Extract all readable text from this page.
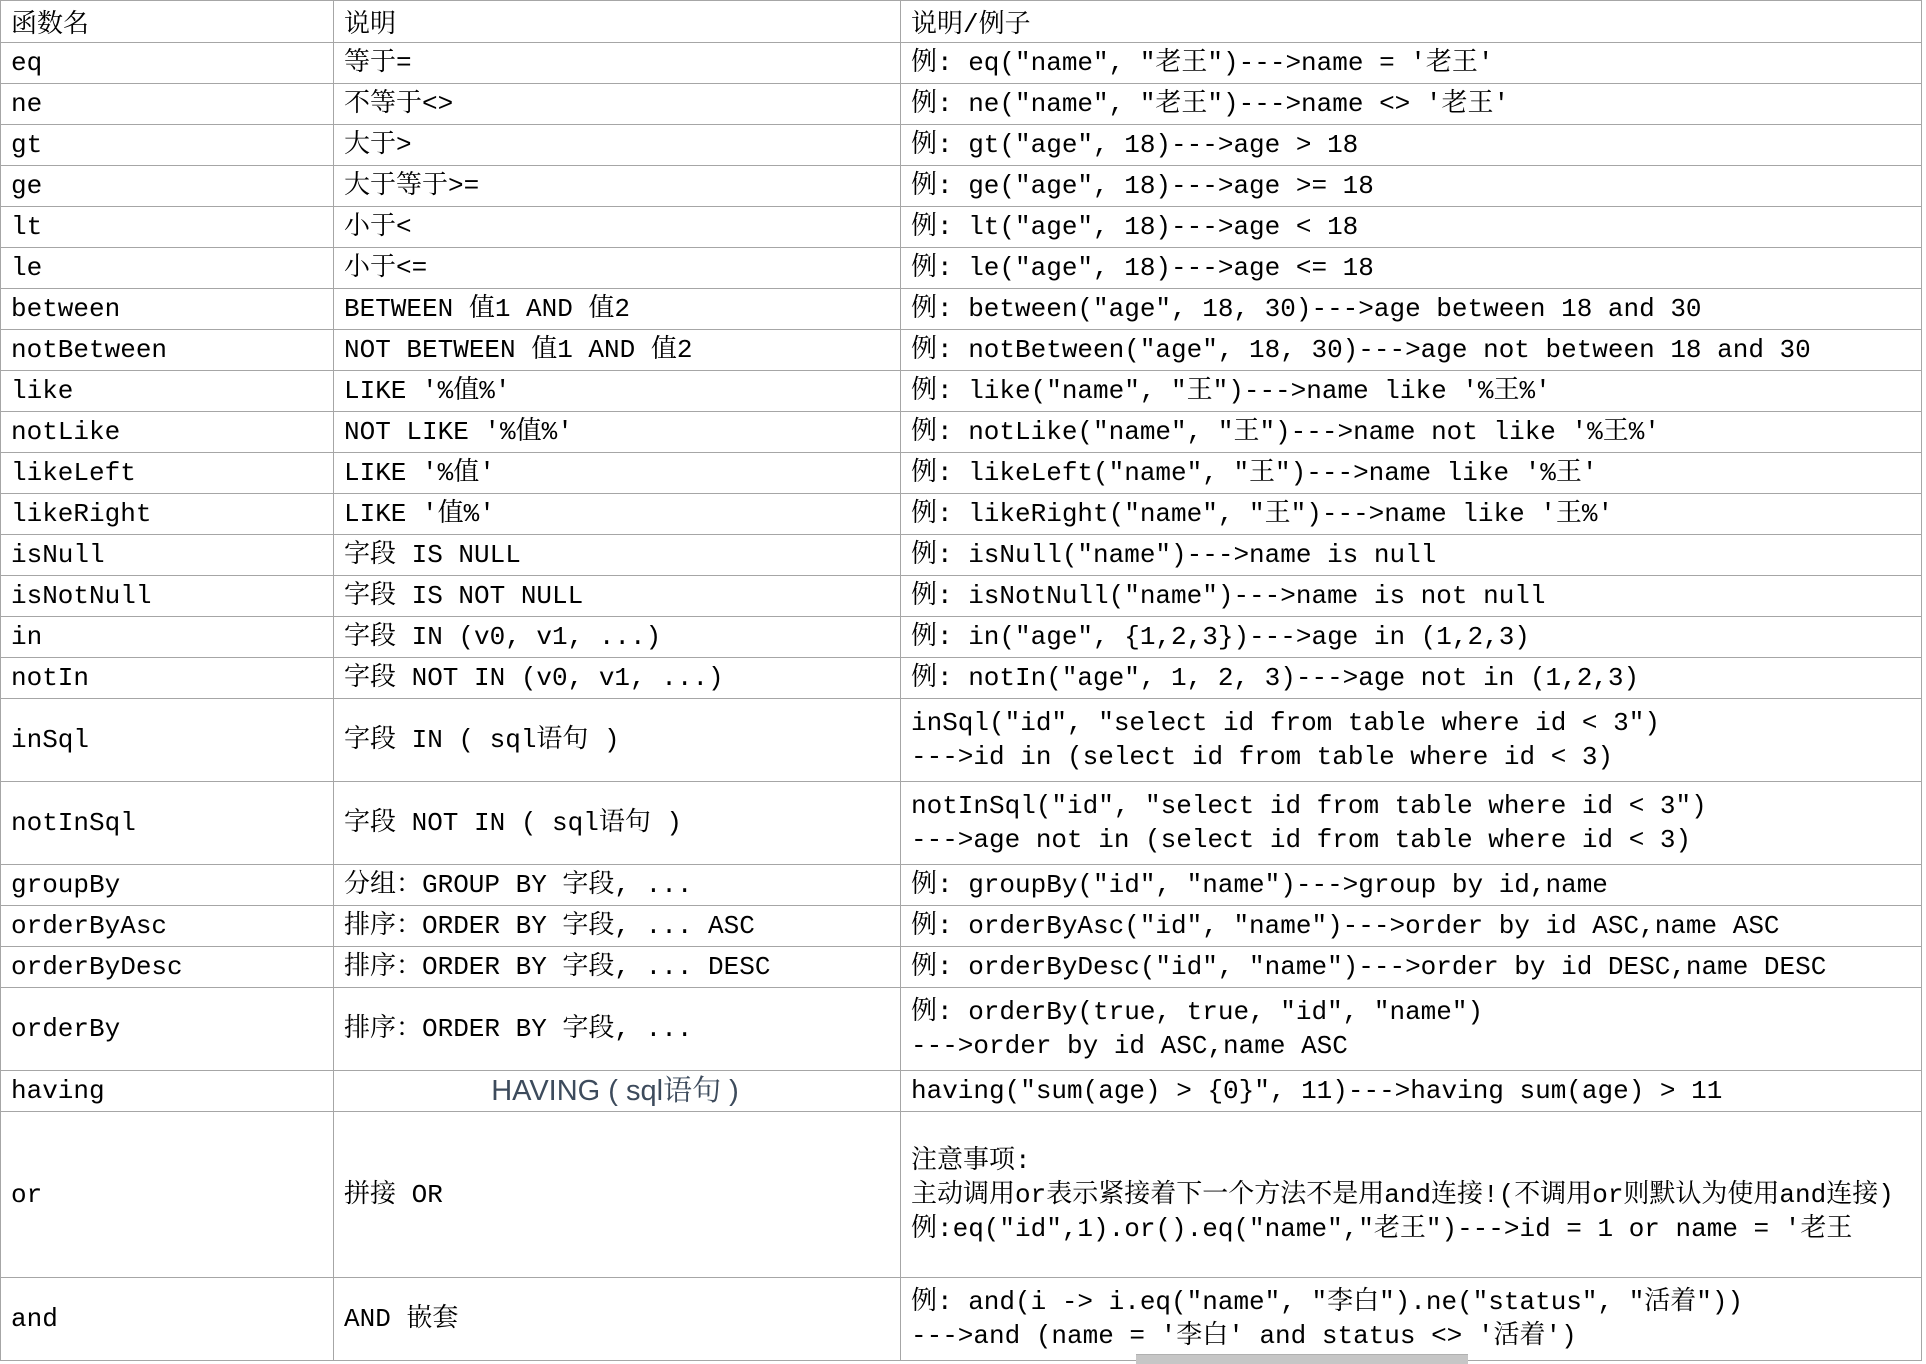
函数名	说明	说明/例子
eq	等于=	例: eq("name", "老王")--->name = '老王'

ne	不等于<>	例: ne("name", "老王")--->name <> '老王'

gt	大于>	例: gt("age", 18)--->age > 18

ge	大于等于>=	例: ge("age", 18)--->age >= 18

lt	小于<	例: lt("age", 18)--->age < 18

le	小于<=	例: le("age", 18)--->age <= 18

between	BETWEEN 值1 AND 值2	例: between("age", 18, 30)--->age between 18 and 30

notBetween	NOT BETWEEN 值1 AND 值2	例: notBetween("age", 18, 30)--->age not between 18 and 30

like	LIKE '%值%'	例: like("name", "王")--->name like '%王%'

notLike	NOT LIKE '%值%'	例: notLike("name", "王")--->name not like '%王%'

likeLeft	LIKE '%值'	例: likeLeft("name", "王")--->name like '%王'

likeRight	LIKE '值%'	例: likeRight("name", "王")--->name like '王%'

isNull	字段 IS NULL	例: isNull("name")--->name is null

isNotNull	字段 IS NOT NULL	例: isNotNull("name")--->name is not null

in	字段 IN (v0, v1, ...)	例: in("age", {1,2,3})--->age in (1,2,3)

notIn	字段 NOT IN (v0, v1, ...)	例: notIn("age", 1, 2, 3)--->age not in (1,2,3)

inSql	字段 IN ( sql语句 )	inSql("id", "select id from table where id < 3")
--->id in (select id from table where id < 3)

notInSql	字段 NOT IN ( sql语句 )	notInSql("id", "select id from table where id < 3")
--->age not in (select id from table where id < 3)

groupBy	分组：GROUP BY 字段, ...	例: groupBy("id", "name")--->group by id,name

orderByAsc	排序：ORDER BY 字段, ... ASC	例: orderByAsc("id", "name")--->order by id ASC,name ASC

orderByDesc	排序：ORDER BY 字段, ... DESC	例: orderByDesc("id", "name")--->order by id DESC,name DESC

orderBy	排序：ORDER BY 字段, ...	例: orderBy(true, true, "id", "name")
--->order by id ASC,name ASC

having	HAVING ( sql语句 )	having("sum(age) > {0}", 11)--->having sum(age) > 11

or	拼接 OR	注意事项:
主动调用or表示紧接着下一个方法不是用and连接!(不调用or则默认为使用and连接)
例:eq("id",1).or().eq("name","老王")--->id = 1 or name = '老王

and	AND 嵌套	例: and(i -> i.eq("name", "李白").ne("status", "活着"))
--->and (name = '李白' and status <> '活着')
